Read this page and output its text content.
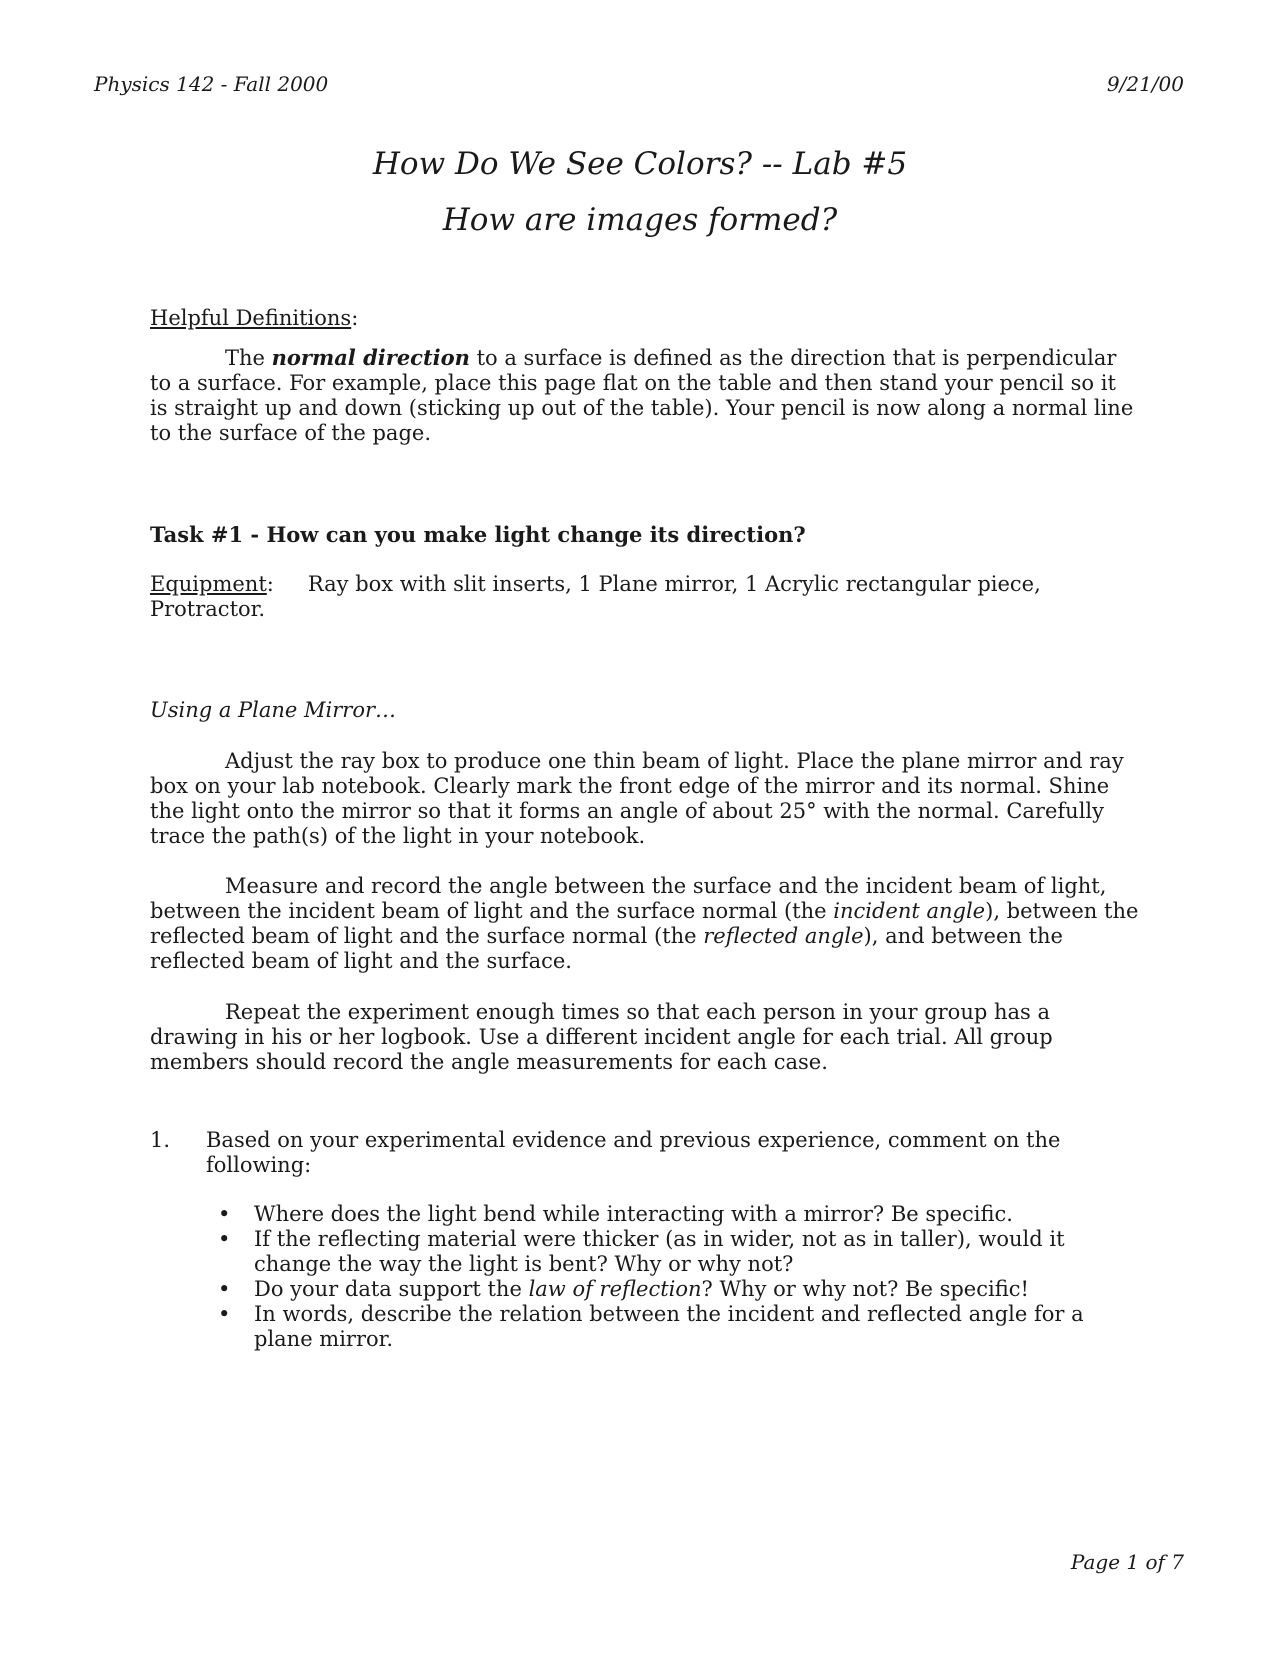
Physics 142 - Fall 2000	9/21/00
How Do We See Colors? -- Lab #5
How are images formed?
Helpful Definitions:

The normal direction to a surface is defined as the direction that is perpendicular to a surface. For example, place this page flat on the table and then stand your pencil so it is straight up and down (sticking up out of the table). Your pencil is now along a normal line to the surface of the page.

Task #1 - How can you make light change its direction?
Equipment: Ray box with slit inserts, 1 Plane mirror, 1 Acrylic rectangular piece, Protractor.
Using a Plane Mirror…

Adjust the ray box to produce one thin beam of light. Place the plane mirror and ray box on your lab notebook. Clearly mark the front edge of the mirror and its normal. Shine the light onto the mirror so that it forms an angle of about 25° with the normal. Carefully trace the path(s) of the light in your notebook.

Measure and record the angle between the surface and the incident beam of light, between the incident beam of light and the surface normal (the incident angle), between the reflected beam of light and the surface normal (the reflected angle), and between the reflected beam of light and the surface.

Repeat the experiment enough times so that each person in your group has a drawing in his or her logbook. Use a different incident angle for each trial. All group members should record the angle measurements for each case.

1. Based on your experimental evidence and previous experience, comment on the following:
• Where does the light bend while interacting with a mirror? Be specific.
• If the reflecting material were thicker (as in wider, not as in taller), would it change the way the light is bent? Why or why not?
• Do your data support the law of reflection? Why or why not? Be specific!
• In words, describe the relation between the incident and reflected angle for a plane mirror.
Page 1 of 7
